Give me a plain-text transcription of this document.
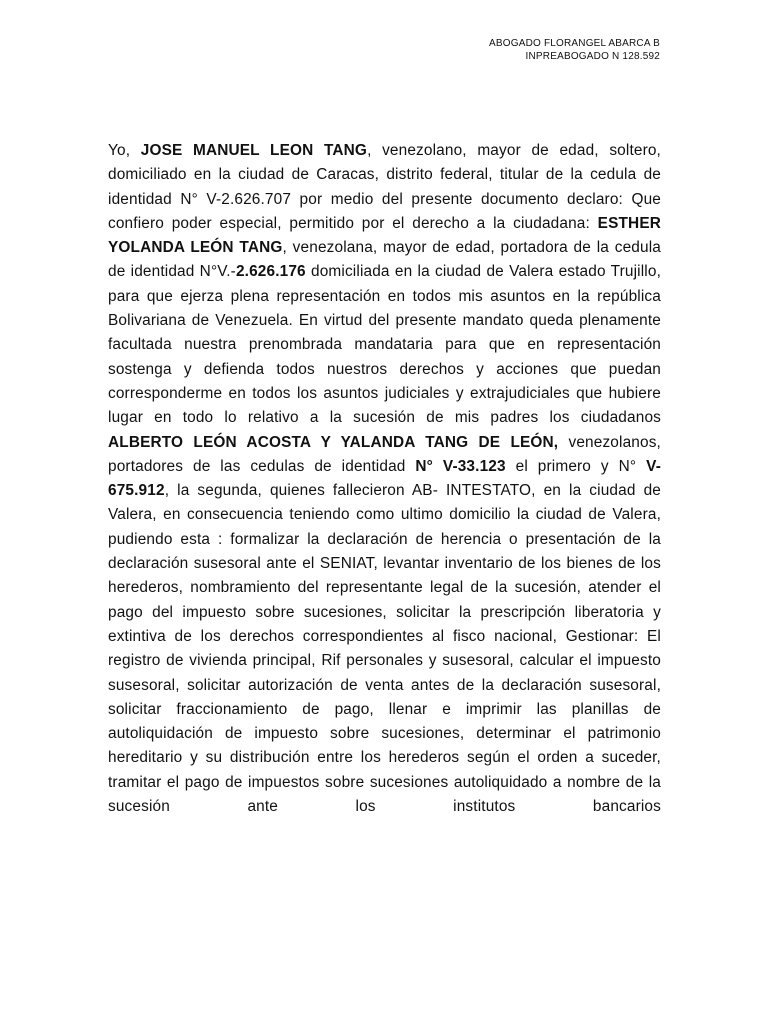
ABOGADO FLORANGEL ABARCA B
INPREABOGADO N 128.592

Yo, JOSE MANUEL LEON TANG, venezolano, mayor de edad, soltero, domiciliado en la ciudad de Caracas, distrito federal, titular de la cedula de identidad N° V-2.626.707 por medio del presente documento declaro: Que confiero poder especial, permitido por el derecho a la ciudadana: ESTHER YOLANDA LEÓN TANG, venezolana, mayor de edad, portadora de la cedula de identidad N°V.-2.626.176 domiciliada en la ciudad de Valera estado Trujillo, para que ejerza plena representación en todos mis asuntos en la república Bolivariana de Venezuela. En virtud del presente mandato queda plenamente facultada nuestra prenombrada mandataria para que en representación sostenga y defienda todos nuestros derechos y acciones que puedan corresponderme en todos los asuntos judiciales y extrajudiciales que hubiere lugar en todo lo relativo a la sucesión de mis padres los ciudadanos ALBERTO LEÓN ACOSTA Y YALANDA TANG DE LEÓN, venezolanos, portadores de las cedulas de identidad N° V-33.123 el primero y N° V- 675.912, la segunda, quienes fallecieron AB- INTESTATO, en la ciudad de Valera, en consecuencia teniendo como ultimo domicilio la ciudad de Valera, pudiendo esta : formalizar la declaración de herencia o presentación de la declaración susesoral ante el SENIAT, levantar inventario de los bienes de los herederos, nombramiento del representante legal de la sucesión, atender el pago del impuesto sobre sucesiones, solicitar la prescripción liberatoria y extintiva de los derechos correspondientes al fisco nacional, Gestionar: El registro de vivienda principal, Rif personales y susesoral, calcular el impuesto susesoral, solicitar autorización de venta antes de la declaración susesoral, solicitar fraccionamiento de pago, llenar e imprimir las planillas de autoliquidación de impuesto sobre sucesiones, determinar el patrimonio hereditario y su distribución entre los herederos según el orden a suceder, tramitar el pago de impuestos sobre sucesiones autoliquidado a nombre de la sucesión ante los institutos bancarios
